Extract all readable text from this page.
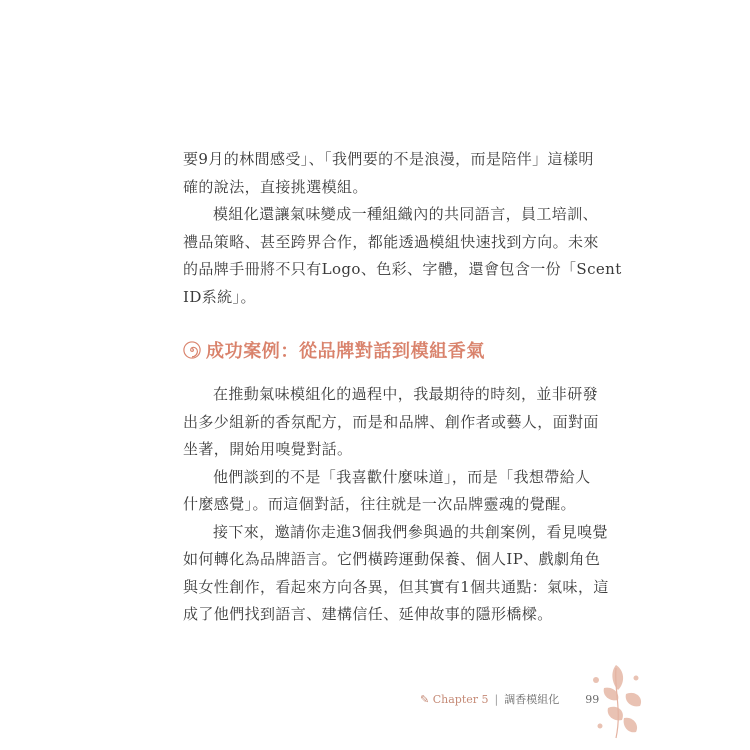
要9月的林間感受」、「我們要的不是浪漫，而是陪伴」這樣明
確的說法，直接挑選模組。

模組化還讓氣味變成一種組織內的共同語言，員工培訓、
禮品策略、甚至跨界合作，都能透過模組快速找到方向。未來
的品牌手冊將不只有Logo、色彩、字體，還會包含一份「Scent
ID系統」。

成功案例：從品牌對話到模組香氣

在推動氣味模組化的過程中，我最期待的時刻，並非研發
出多少組新的香氛配方，而是和品牌、創作者或藝人，面對面
坐著，開始用嗅覺對話。

他們談到的不是「我喜歡什麼味道」，而是「我想帶給人
什麼感覺」。而這個對話，往往就是一次品牌靈魂的覺醒。

接下來，邀請你走進3個我們參與過的共創案例，看見嗅覺
如何轉化為品牌語言。它們橫跨運動保養、個人IP、戲劇角色
與女性創作，看起來方向各異，但其實有1個共通點：氣味，這
成了他們找到語言、建構信任、延伸故事的隱形橋樑。

✎ Chapter 5 | 調香模組化 99
